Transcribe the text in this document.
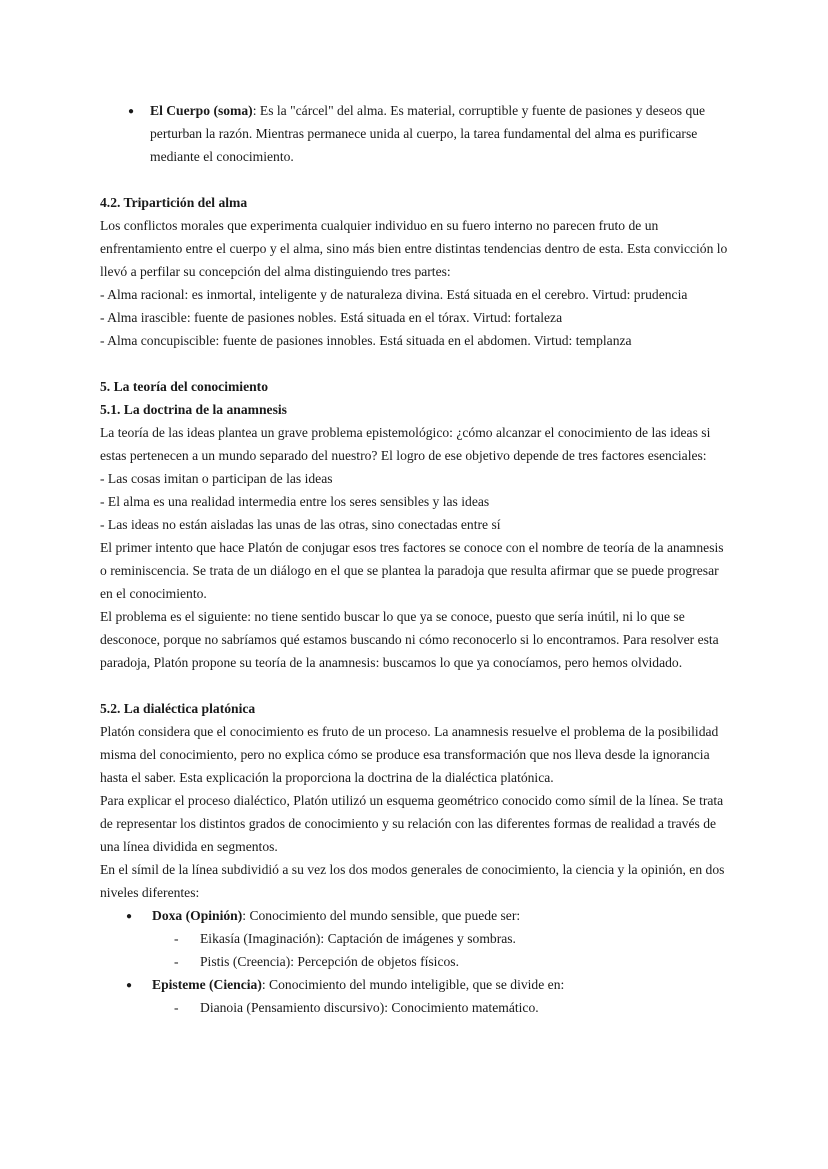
●

El Cuerpo (soma): Es la "cárcel" del alma. Es material, corruptible y fuente de pasiones y deseos que perturban la razón. Mientras permanece unida al cuerpo, la tarea fundamental del alma es purificarse mediante el conocimiento.

4.2. Tripartición del alma

Los conflictos morales que experimenta cualquier individuo en su fuero interno no parecen fruto de un enfrentamiento entre el cuerpo y el alma, sino más bien entre distintas tendencias dentro de esta. Esta convicción lo llevó a perfilar su concepción del alma distinguiendo tres partes:

- Alma racional: es inmortal, inteligente y de naturaleza divina. Está situada en el cerebro. Virtud: prudencia

- Alma irascible: fuente de pasiones nobles. Está situada en el tórax. Virtud: fortaleza

- Alma concupiscible: fuente de pasiones innobles. Está situada en el abdomen. Virtud: templanza

5. La teoría del conocimiento
5.1. La doctrina de la anamnesis

La teoría de las ideas plantea un grave problema epistemológico: ¿cómo alcanzar el conocimiento de las ideas si estas pertenecen a un mundo separado del nuestro? El logro de ese objetivo depende de tres factores esenciales:

- Las cosas imitan o participan de las ideas

- El alma es una realidad intermedia entre los seres sensibles y las ideas

- Las ideas no están aisladas las unas de las otras, sino conectadas entre sí

El primer intento que hace Platón de conjugar esos tres factores se conoce con el nombre de teoría de la anamnesis o reminiscencia. Se trata de un diálogo en el que se plantea la paradoja que resulta afirmar que se puede progresar en el conocimiento.

El problema es el siguiente: no tiene sentido buscar lo que ya se conoce, puesto que sería inútil, ni lo que se desconoce, porque no sabríamos qué estamos buscando ni cómo reconocerlo si lo encontramos. Para resolver esta paradoja, Platón propone su teoría de la anamnesis: buscamos lo que ya conocíamos, pero hemos olvidado.

5.2. La dialéctica platónica

Platón considera que el conocimiento es fruto de un proceso. La anamnesis resuelve el problema de la posibilidad misma del conocimiento, pero no explica cómo se produce esa transformación que nos lleva desde la ignorancia hasta el saber. Esta explicación la proporciona la doctrina de la dialéctica platónica.

Para explicar el proceso dialéctico, Platón utilizó un esquema geométrico conocido como símil de la línea. Se trata de representar los distintos grados de conocimiento y su relación con las diferentes formas de realidad a través de una línea dividida en segmentos.

En el símil de la línea subdividió a su vez los dos modos generales de conocimiento, la ciencia y la opinión, en dos niveles diferentes:

●

Doxa (Opinión): Conocimiento del mundo sensible, que puede ser:

- Eikasía (Imaginación): Captación de imágenes y sombras.

- Pistis (Creencia): Percepción de objetos físicos.

●

Episteme (Ciencia): Conocimiento del mundo inteligible, que se divide en:

- Dianoia (Pensamiento discursivo): Conocimiento matemático.
